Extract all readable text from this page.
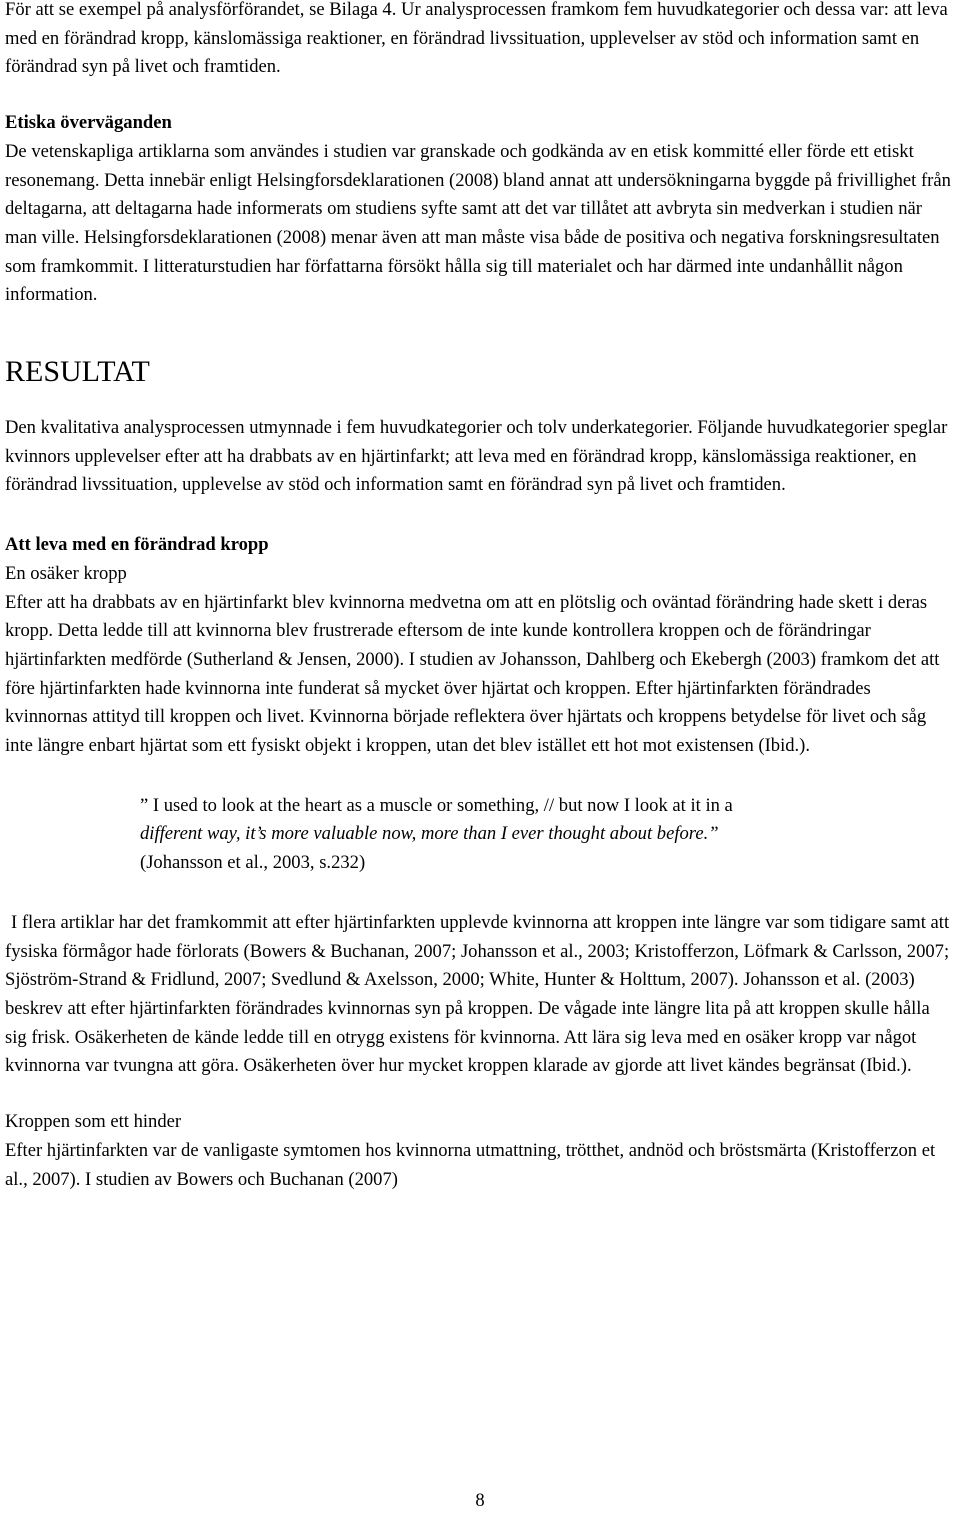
För att se exempel på analysförförandet, se Bilaga 4. Ur analysprocessen framkom fem huvudkategorier och dessa var: att leva med en förändrad kropp, känslomässiga reaktioner, en förändrad livssituation, upplevelser av stöd och information samt en förändrad syn på livet och framtiden.

Etiska överväganden

De vetenskapliga artiklarna som användes i studien var granskade och godkända av en etisk kommitté eller förde ett etiskt resonemang. Detta innebär enligt Helsingforsdeklarationen (2008) bland annat att undersökningarna byggde på frivillighet från deltagarna, att deltagarna hade informerats om studiens syfte samt att det var tillåtet att avbryta sin medverkan i studien när man ville. Helsingforsdeklarationen (2008) menar även att man måste visa både de positiva och negativa forskningsresultaten som framkommit. I litteraturstudien har författarna försökt hålla sig till materialet och har därmed inte undanhållit någon information.

RESULTAT

Den kvalitativa analysprocessen utmynnade i fem huvudkategorier och tolv underkategorier. Följande huvudkategorier speglar kvinnors upplevelser efter att ha drabbats av en hjärtinfarkt; att leva med en förändrad kropp, känslomässiga reaktioner, en förändrad livssituation, upplevelse av stöd och information samt en förändrad syn på livet och framtiden.

Att leva med en förändrad kropp

En osäker kropp

Efter att ha drabbats av en hjärtinfarkt blev kvinnorna medvetna om att en plötslig och oväntad förändring hade skett i deras kropp. Detta ledde till att kvinnorna blev frustrerade eftersom de inte kunde kontrollera kroppen och de förändringar hjärtinfarkten medförde (Sutherland & Jensen, 2000). I studien av Johansson, Dahlberg och Ekebergh (2003) framkom det att före hjärtinfarkten hade kvinnorna inte funderat så mycket över hjärtat och kroppen. Efter hjärtinfarkten förändrades kvinnornas attityd till kroppen och livet. Kvinnorna började reflektera över hjärtats och kroppens betydelse för livet och såg inte längre enbart hjärtat som ett fysiskt objekt i kroppen, utan det blev istället ett hot mot existensen (Ibid.).

” I used to look at the heart as a muscle or something, // but now I look at it in a

different way, it’s more valuable now, more than I ever thought about before.”

(Johansson et al., 2003, s.232)

I flera artiklar har det framkommit att efter hjärtinfarkten upplevde kvinnorna att kroppen inte längre var som tidigare samt att fysiska förmågor hade förlorats (Bowers & Buchanan, 2007; Johansson et al., 2003; Kristofferzon, Löfmark & Carlsson, 2007; Sjöström-Strand & Fridlund, 2007; Svedlund & Axelsson, 2000; White, Hunter & Holttum, 2007). Johansson et al. (2003) beskrev att efter hjärtinfarkten förändrades kvinnornas syn på kroppen. De vågade inte längre lita på att kroppen skulle hålla sig frisk. Osäkerheten de kände ledde till en otrygg existens för kvinnorna. Att lära sig leva med en osäker kropp var något kvinnorna var tvungna att göra. Osäkerheten över hur mycket kroppen klarade av gjorde att livet kändes begränsat (Ibid.).

Kroppen som ett hinder

Efter hjärtinfarkten var de vanligaste symtomen hos kvinnorna utmattning, trötthet, andnöd och bröstsmärta (Kristofferzon et al., 2007). I studien av Bowers och Buchanan (2007)

8
